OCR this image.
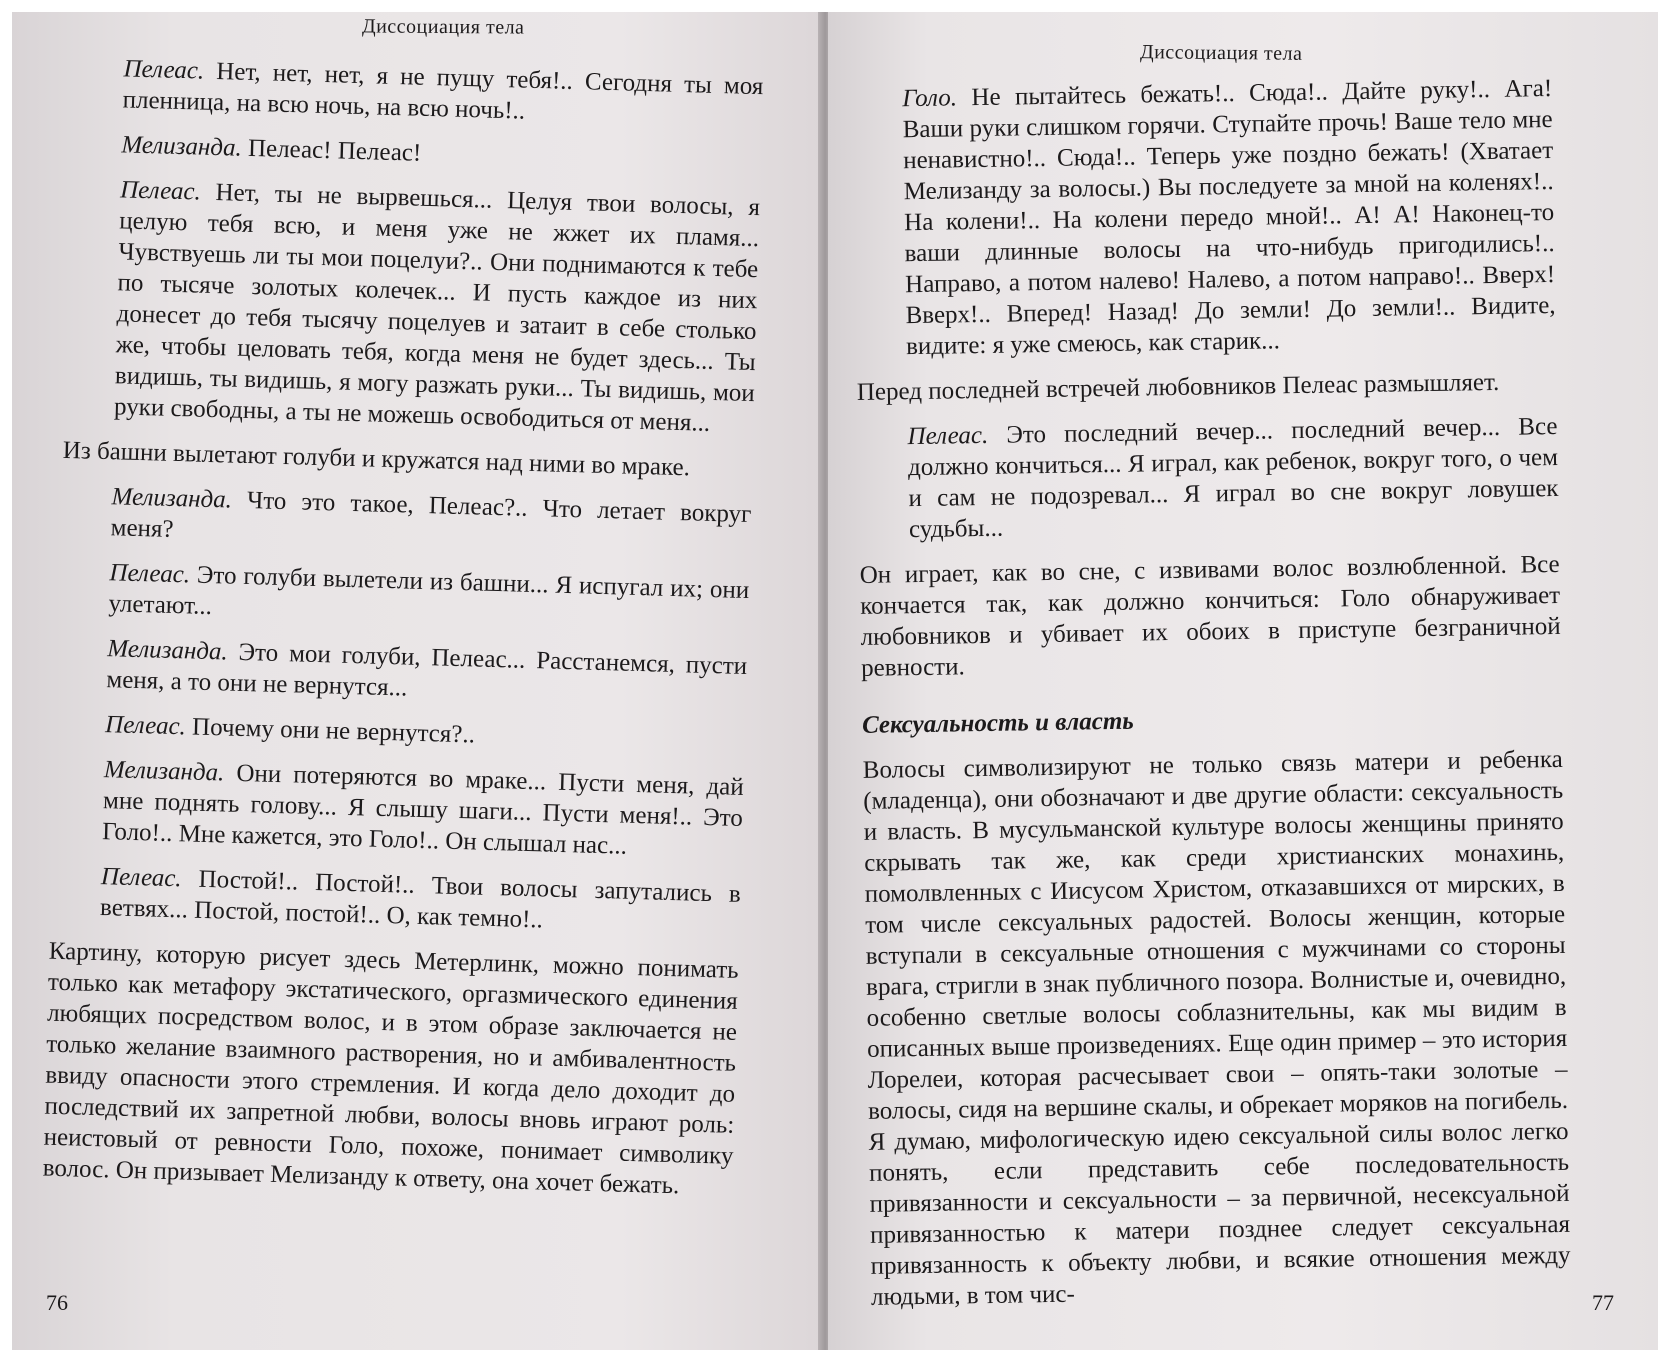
Диссоциация тела

Пелеас. Нет, нет, нет, я не пущу тебя!.. Сегодня ты моя пленница, на всю ночь, на всю ночь!..

Мелизанда. Пелеас! Пелеас!

Пелеас. Нет, ты не вырвешься... Целуя твои волосы, я целую тебя всю, и меня уже не жжет их пламя... Чувствуешь ли ты мои поцелуи?.. Они поднимаются к тебе по тысяче золотых колечек... И пусть каждое из них донесет до тебя тысячу поцелуев и затаит в себе столько же, чтобы целовать тебя, когда меня не будет здесь... Ты видишь, ты видишь, я могу разжать руки... Ты видишь, мои руки свободны, а ты не можешь освободиться от меня...

Из башни вылетают голуби и кружатся над ними во мраке.

Мелизанда. Что это такое, Пелеас?.. Что летает вокруг меня?

Пелеас. Это голуби вылетели из башни... Я испугал их; они улетают...

Мелизанда. Это мои голуби, Пелеас... Расстанемся, пусти меня, а то они не вернутся...

Пелеас. Почему они не вернутся?..

Мелизанда. Они потеряются во мраке... Пусти меня, дай мне поднять голову... Я слышу шаги... Пусти меня!.. Это Голо!.. Мне кажется, это Голо!.. Он слышал нас...

Пелеас. Постой!.. Постой!.. Твои волосы запутались в ветвях... Постой, постой!.. О, как темно!..

Картину, которую рисует здесь Метерлинк, можно понимать только как метафору экстатического, оргазмического единения любящих посредством волос, и в этом образе заключается не только желание взаимного растворения, но и амбивалентность ввиду опасности этого стремления. И когда дело доходит до последствий их запретной любви, волосы вновь играют роль: неистовый от ревности Голо, похоже, понимает символику волос. Он призывает Мелизанду к ответу, она хочет бежать.

76
Диссоциация тела

Голо. Не пытайтесь бежать!.. Сюда!.. Дайте руку!.. Ага! Ваши руки слишком горячи. Ступайте прочь! Ваше тело мне ненавистно!.. Сюда!.. Теперь уже поздно бежать! (Хватает Мелизанду за волосы.) Вы последуете за мной на коленях!.. На колени!.. На колени передо мной!.. А! А! Наконец-то ваши длинные волосы на что-нибудь пригодились!.. Направо, а потом налево! Налево, а потом направо!.. Вверх! Вверх!.. Вперед! Назад! До земли! До земли!.. Видите, видите: я уже смеюсь, как старик...

Перед последней встречей любовников Пелеас размышляет.

Пелеас. Это последний вечер... последний вечер... Все должно кончиться... Я играл, как ребенок, вокруг того, о чем и сам не подозревал... Я играл во сне вокруг ловушек судьбы...

Он играет, как во сне, с извивами волос возлюбленной. Все кончается так, как должно кончиться: Голо обнаруживает любовников и убивает их обоих в приступе безграничной ревности.

Сексуальность и власть

Волосы символизируют не только связь матери и ребенка (младенца), они обозначают и две другие области: сексуальность и власть. В мусульманской культуре волосы женщины принято скрывать так же, как среди христианских монахинь, помолвленных с Иисусом Христом, отказавшихся от мирских, в том числе сексуальных радостей. Волосы женщин, которые вступали в сексуальные отношения с мужчинами со стороны врага, стригли в знак публичного позора. Волнистые и, очевидно, особенно светлые волосы соблазнительны, как мы видим в описанных выше произведениях. Еще один пример – это история Лорелеи, которая расчесывает свои – опять-таки золотые – волосы, сидя на вершине скалы, и обрекает моряков на погибель. Я думаю, мифологическую идею сексуальной силы волос легко понять, если представить себе последовательность привязанности и сексуальности – за первичной, несексуальной привязанностью к матери позднее следует сексуальная привязанность к объекту любви, и всякие отношения между людьми, в том чис-	77
